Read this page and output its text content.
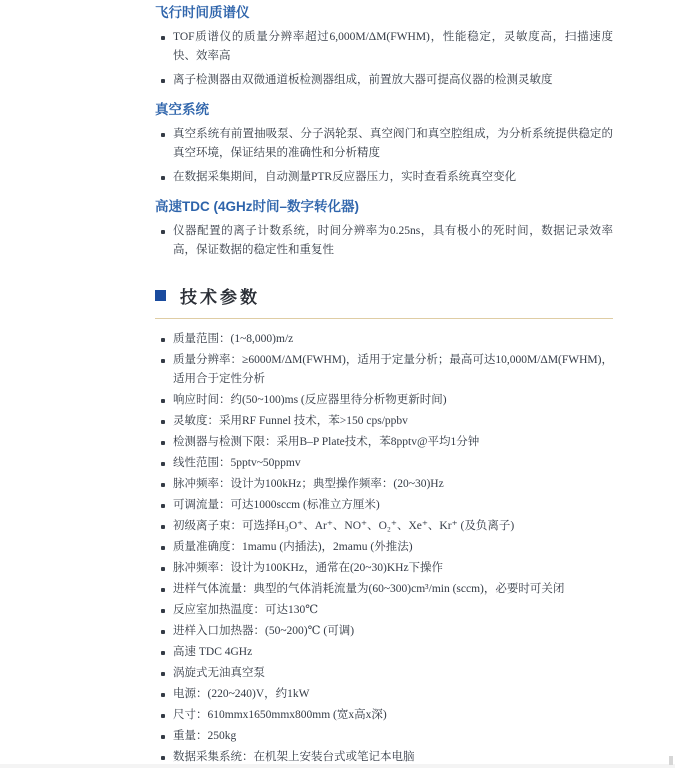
飞行时间质谱仪
TOF质谱仪的质量分辨率超过6,000M/ΔM(FWHM)，性能稳定，灵敏度高，扫描速度快、效率高
离子检测器由双微通道板检测器组成，前置放大器可提高仪器的检测灵敏度
真空系统
真空系统有前置抽吸泵、分子涡轮泵、真空阀门和真空腔组成，为分析系统提供稳定的真空环境，保证结果的准确性和分析精度
在数据采集期间，自动测量PTR反应器压力，实时查看系统真空变化
高速TDC (4GHz时间–数字转化器)
仪器配置的离子计数系统，时间分辨率为0.25ns，具有极小的死时间，数据记录效率高，保证数据的稳定性和重复性
技术参数
质量范围：(1~8,000)m/z
质量分辨率：≥6000M/ΔM(FWHM)，适用于定量分析；最高可达10,000M/ΔM(FWHM)，适用合于定性分析
响应时间：约(50~100)ms (反应器里待分析物更新时间)
灵敏度：采用RF Funnel 技术，苯>150 cps/ppbv
检测器与检测下限：采用B–P Plate技术，苯8pptv@平均1分钟
线性范围：5pptv~50ppmv
脉冲频率：设计为100kHz；典型操作频率：(20~30)Hz
可调流量：可达1000sccm (标准立方厘米)
初级离子束：可选择H₃O⁺、Ar⁺、NO⁺、O₂⁺、Xe⁺、Kr⁺ (及负离子)
质量准确度：1mamu (内插法)，2mamu (外推法)
脉冲频率：设计为100KHz，通常在(20~30)KHz下操作
进样气体流量：典型的气体消耗流量为(60~300)cm³/min (sccm)，必要时可关闭
反应室加热温度：可达130℃
进样入口加热器：(50~200)℃ (可调)
高速 TDC 4GHz
涡旋式无油真空泵
电源：(220~240)V，约1kW
尺寸：610mmx1650mmx800mm (宽x高x深)
重量：250kg
数据采集系统：在机架上安装台式或笔记本电脑
